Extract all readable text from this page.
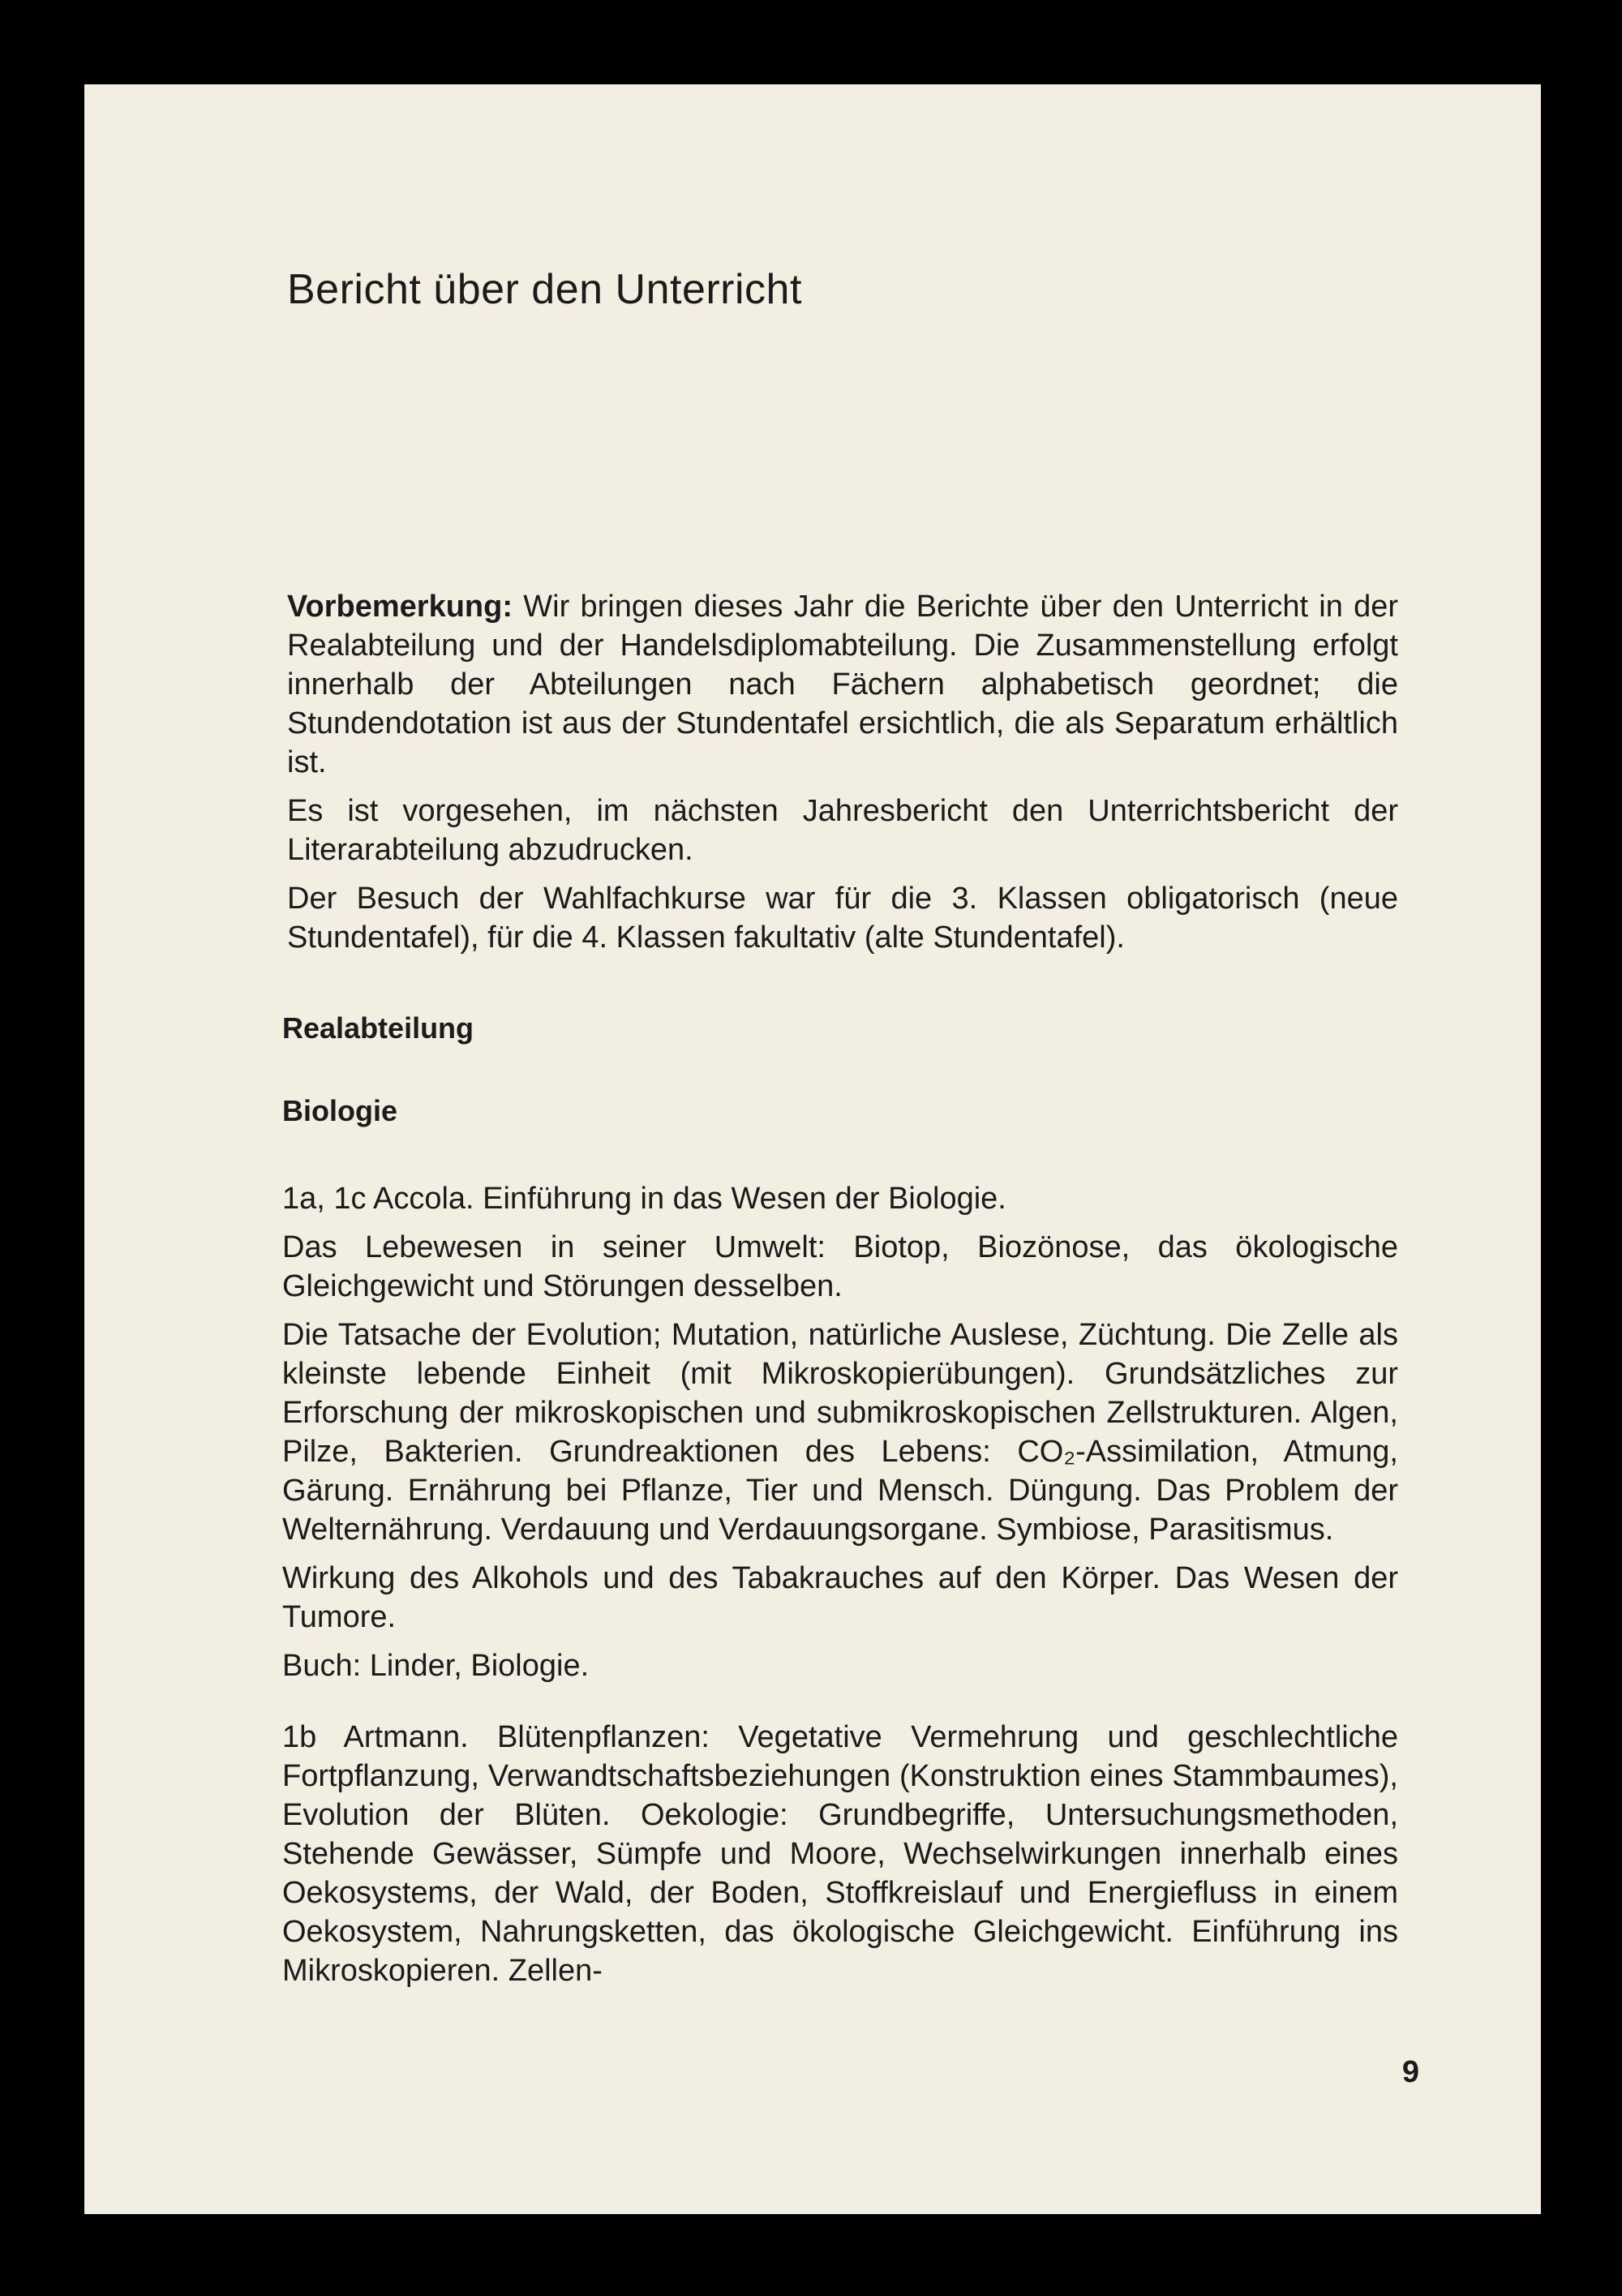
Bericht über den Unterricht

Vorbemerkung: Wir bringen dieses Jahr die Berichte über den Unterricht in der Realabteilung und der Handelsdiplomabteilung. Die Zusammenstellung erfolgt innerhalb der Abteilungen nach Fächern alphabetisch geordnet; die Stundendotation ist aus der Stundentafel ersichtlich, die als Separatum erhältlich ist.

Es ist vorgesehen, im nächsten Jahresbericht den Unterrichtsbericht der Literarabteilung abzudrucken.

Der Besuch der Wahlfachkurse war für die 3. Klassen obligatorisch (neue Stundentafel), für die 4. Klassen fakultativ (alte Stundentafel).

Realabteilung
Biologie

1a, 1c Accola. Einführung in das Wesen der Biologie.

Das Lebewesen in seiner Umwelt: Biotop, Biozönose, das ökologische Gleichgewicht und Störungen desselben.

Die Tatsache der Evolution; Mutation, natürliche Auslese, Züchtung. Die Zelle als kleinste lebende Einheit (mit Mikroskopierübungen). Grundsätzliches zur Erforschung der mikroskopischen und submikroskopischen Zellstrukturen. Algen, Pilze, Bakterien. Grundreaktionen des Lebens: CO₂-Assimilation, Atmung, Gärung. Ernährung bei Pflanze, Tier und Mensch. Düngung. Das Problem der Welternährung. Verdauung und Verdauungsorgane. Symbiose, Parasitismus.

Wirkung des Alkohols und des Tabakrauches auf den Körper. Das Wesen der Tumore.

Buch: Linder, Biologie.

1b Artmann. Blütenpflanzen: Vegetative Vermehrung und geschlechtliche Fortpflanzung, Verwandtschaftsbeziehungen (Konstruktion eines Stammbaumes), Evolution der Blüten. Oekologie: Grundbegriffe, Untersuchungsmethoden, Stehende Gewässer, Sümpfe und Moore, Wechselwirkungen innerhalb eines Oekosystems, der Wald, der Boden, Stoffkreislauf und Energiefluss in einem Oekosystem, Nahrungsketten, das ökologische Gleichgewicht. Einführung ins Mikroskopieren. Zellen-

9
